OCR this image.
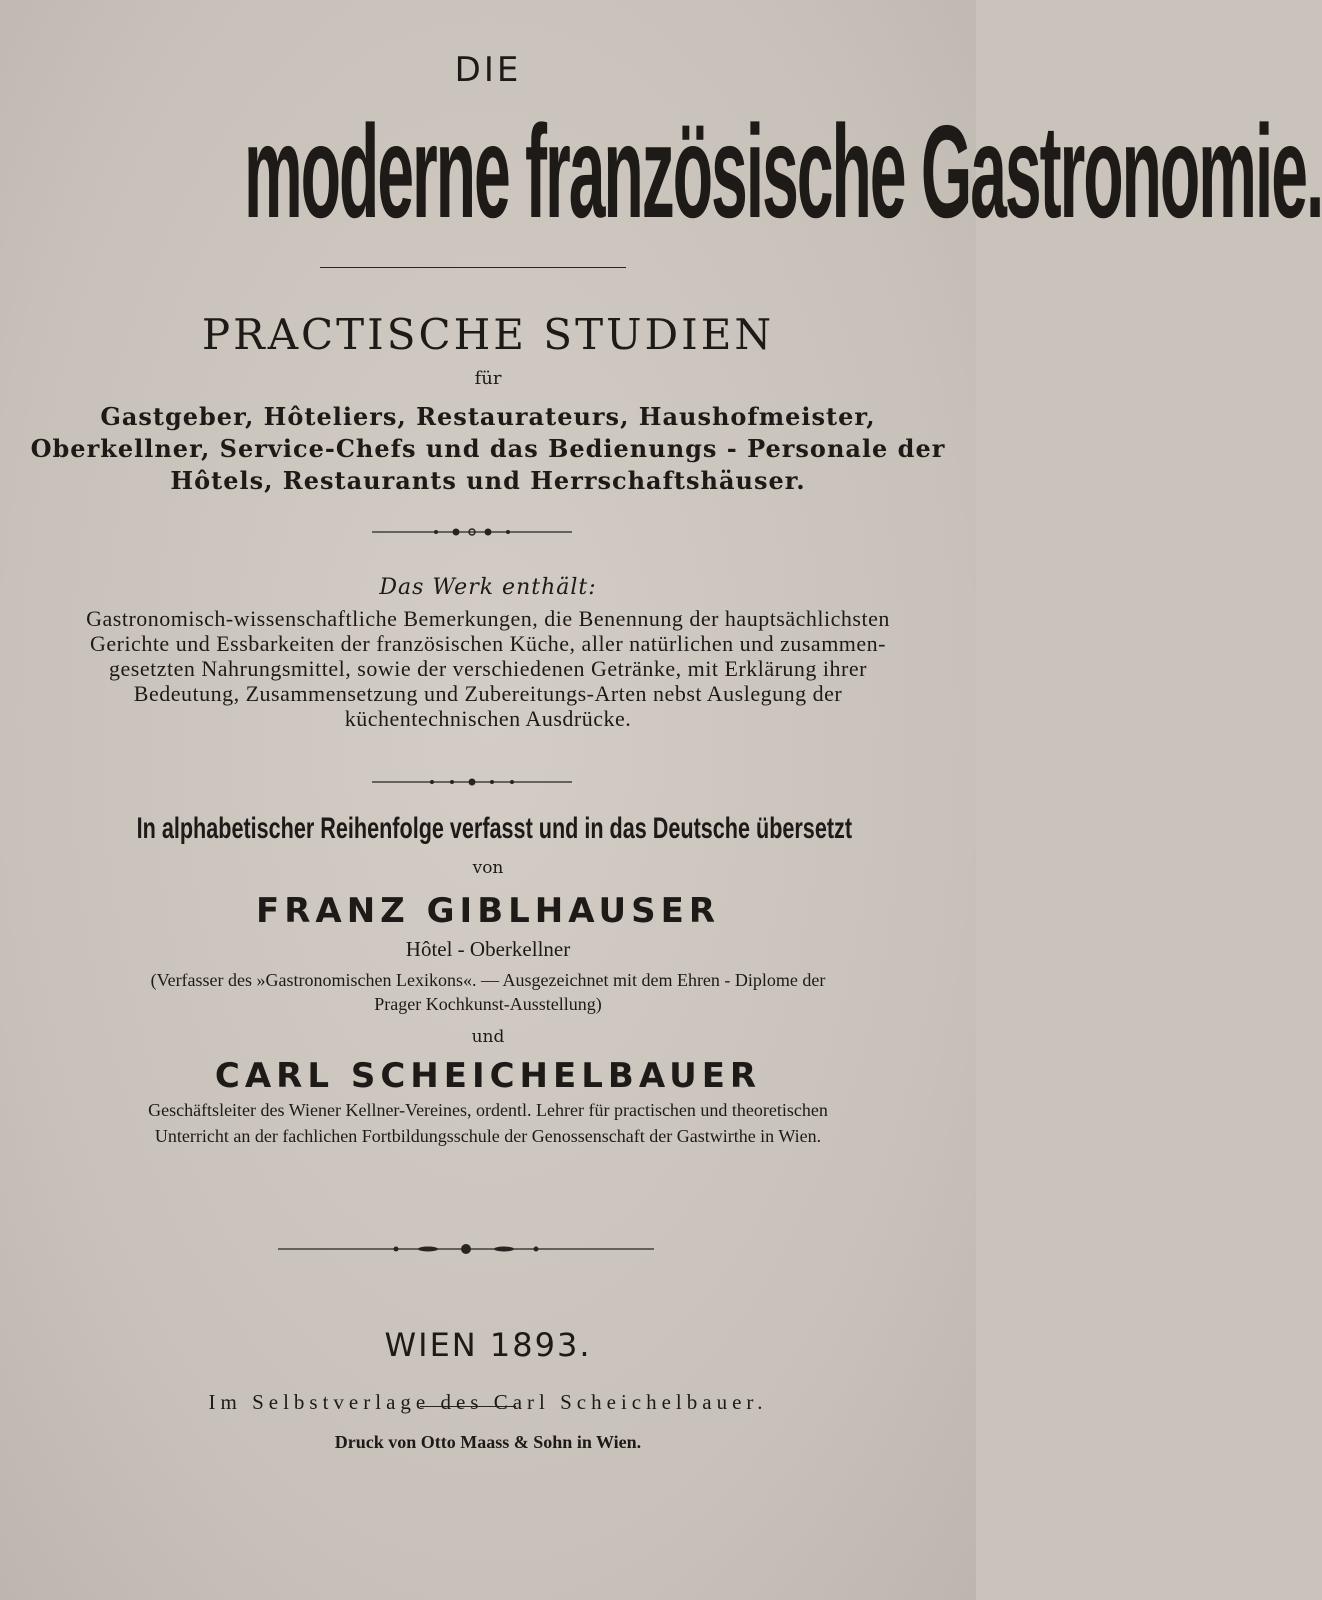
DIE
moderne französische Gastronomie.
PRACTISCHE STUDIEN
für
Gastgeber, Hôteliers, Restaurateurs, Haushofmeister,
Oberkellner, Service-Chefs und das Bedienungs - Personale der
Hôtels, Restaurants und Herrschaftshäuser.
Das Werk enthält:
Gastronomisch-wissenschaftliche Bemerkungen, die Benennung der hauptsächlichsten
Gerichte und Essbarkeiten der französischen Küche, aller natürlichen und zusammen-
gesetzten Nahrungsmittel, sowie der verschiedenen Getränke, mit Erklärung ihrer
Bedeutung, Zusammensetzung und Zubereitungs-Arten nebst Auslegung der
küchentechnischen Ausdrücke.
In alphabetischer Reihenfolge verfasst und in das Deutsche übersetzt
von
FRANZ GIBLHAUSER
Hôtel - Oberkellner
(Verfasser des »Gastronomischen Lexikons«. — Ausgezeichnet mit dem Ehren - Diplome der
Prager Kochkunst-Ausstellung)
und
CARL SCHEICHELBAUER
Geschäftsleiter des Wiener Kellner-Vereines, ordentl. Lehrer für practischen und theoretischen
Unterricht an der fachlichen Fortbildungsschule der Genossenschaft der Gastwirthe in Wien.
WIEN 1893.
Im Selbstverlage des Carl Scheichelbauer.
Druck von Otto Maass & Sohn in Wien.
